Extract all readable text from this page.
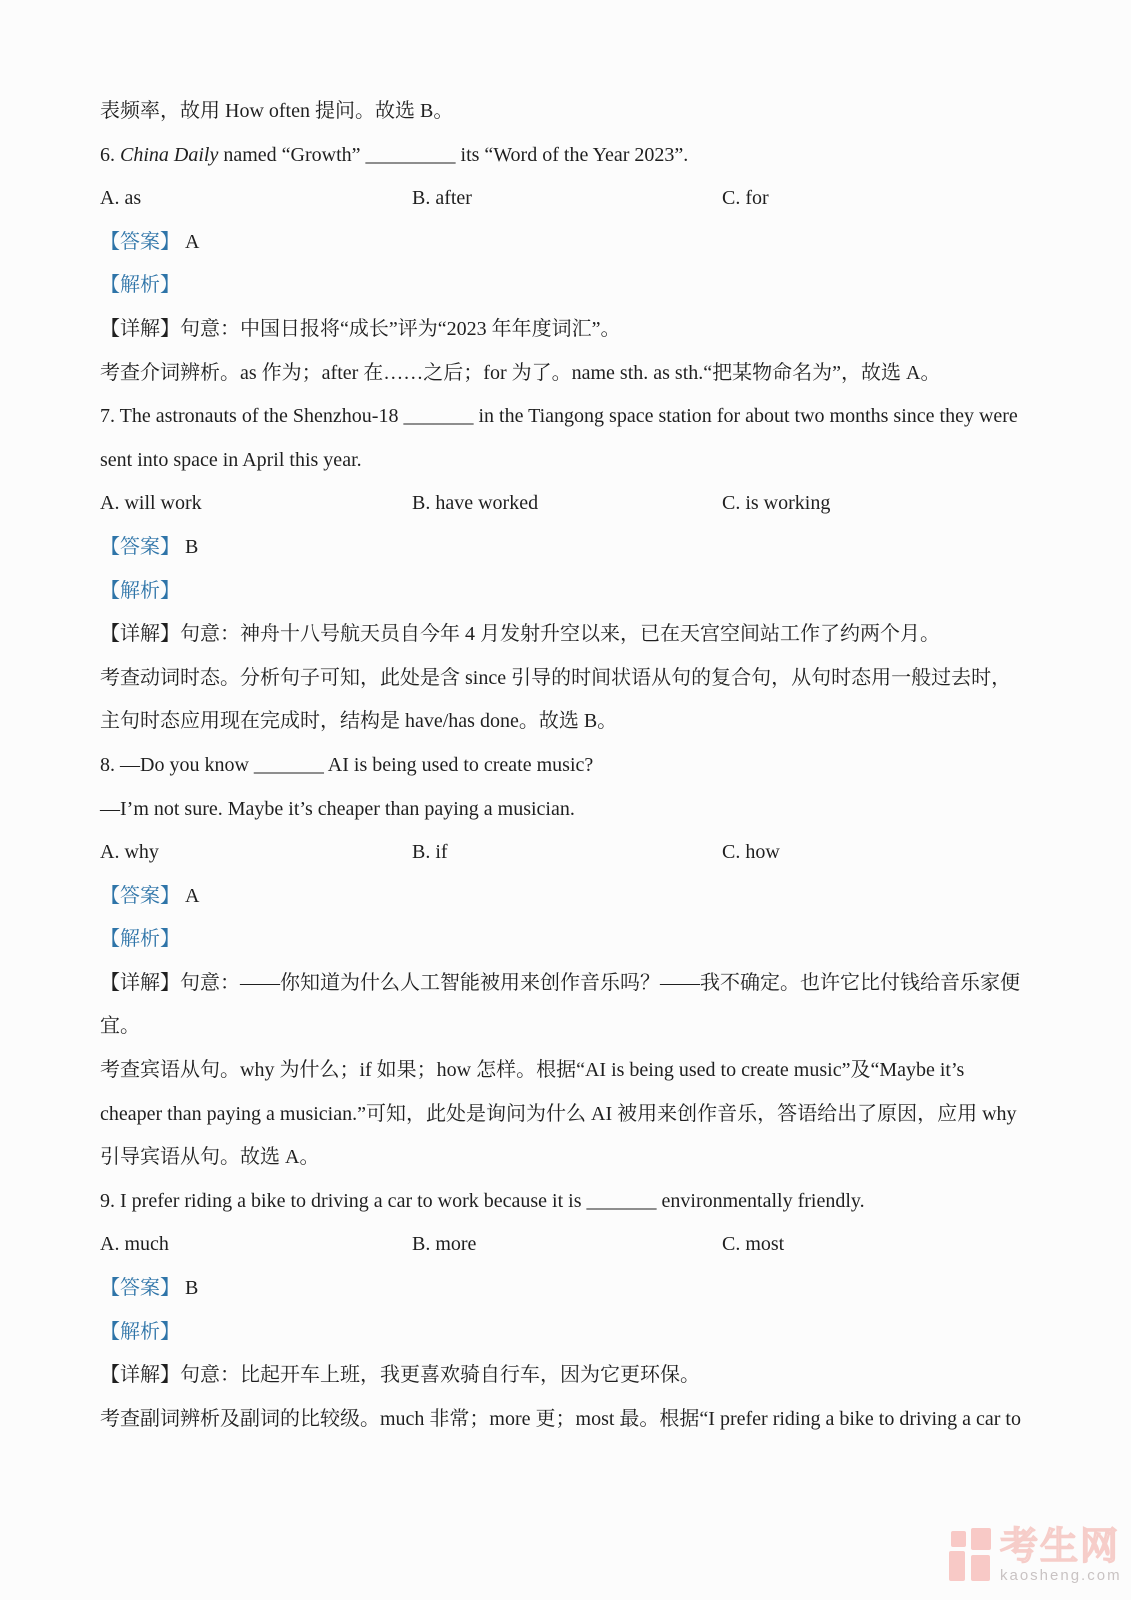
表频率，故用 How often 提问。故选 B。
6. China Daily named “Growth” _________ its “Word of the Year 2023”.
A. as	B. after	C. for
【答案】 A
【解析】
【详解】句意：中国日报将“成长”评为“2023 年年度词汇”。
考查介词辨析。as 作为；after 在……之后；for 为了。name sth. as sth.“把某物命名为”，故选 A。
7. The astronauts of the Shenzhou-18 _______ in the Tiangong space station for about two months since they were
sent into space in April this year.
A. will work	B. have worked	C. is working
【答案】 B
【解析】
【详解】句意：神舟十八号航天员自今年 4 月发射升空以来，已在天宫空间站工作了约两个月。
考查动词时态。分析句子可知，此处是含 since 引导的时间状语从句的复合句，从句时态用一般过去时，
主句时态应用现在完成时，结构是 have/has done。故选 B。
8. —Do you know _______ AI is being used to create music?
—I’m not sure. Maybe it’s cheaper than paying a musician.
A. why	B. if	C. how
【答案】 A
【解析】
【详解】句意：——你知道为什么人工智能被用来创作音乐吗？——我不确定。也许它比付钱给音乐家便
宜。
考查宾语从句。why 为什么；if 如果；how 怎样。根据“AI is being used to create music”及“Maybe it’s
cheaper than paying a musician.”可知，此处是询问为什么 AI 被用来创作音乐，答语给出了原因，应用 why
引导宾语从句。故选 A。
9. I prefer riding a bike to driving a car to work because it is _______ environmentally friendly.
A. much	B. more	C. most
【答案】 B
【解析】
【详解】句意：比起开车上班，我更喜欢骑自行车，因为它更环保。
考查副词辨析及副词的比较级。much 非常；more 更；most 最。根据“I prefer riding a bike to driving a car to
考生网
kaosheng.com
